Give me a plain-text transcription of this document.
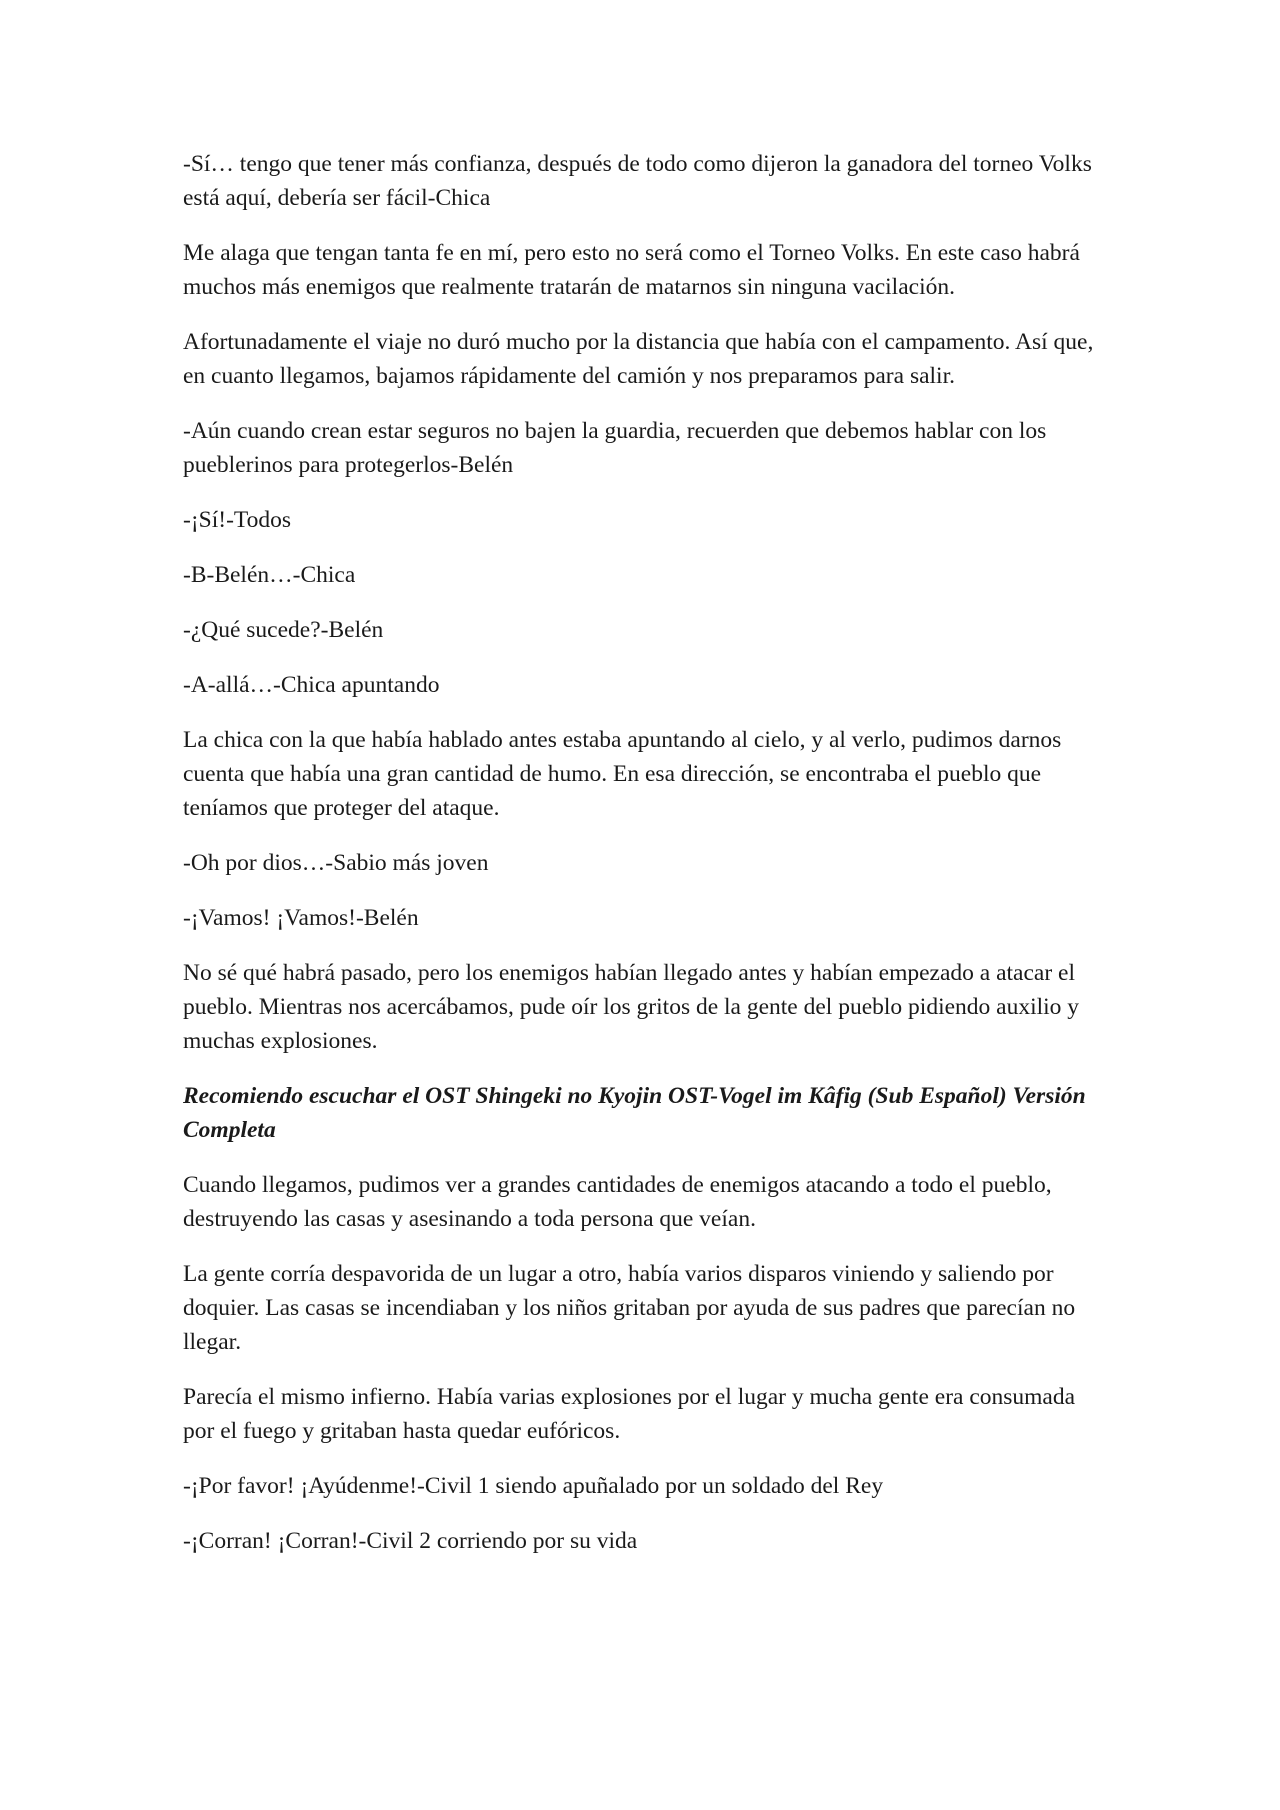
-Sí… tengo que tener más confianza, después de todo como dijeron la ganadora del torneo Volks está aquí, debería ser fácil-Chica

Me alaga que tengan tanta fe en mí, pero esto no será como el Torneo Volks. En este caso habrá muchos más enemigos que realmente tratarán de matarnos sin ninguna vacilación.

Afortunadamente el viaje no duró mucho por la distancia que había con el campamento. Así que, en cuanto llegamos, bajamos rápidamente del camión y nos preparamos para salir.

-Aún cuando crean estar seguros no bajen la guardia, recuerden que debemos hablar con los pueblerinos para protegerlos-Belén

-¡Sí!-Todos

-B-Belén…-Chica

-¿Qué sucede?-Belén

-A-allá…-Chica apuntando

La chica con la que había hablado antes estaba apuntando al cielo, y al verlo, pudimos darnos cuenta que había una gran cantidad de humo. En esa dirección, se encontraba el pueblo que teníamos que proteger del ataque.

-Oh por dios…-Sabio más joven

-¡Vamos! ¡Vamos!-Belén

No sé qué habrá pasado, pero los enemigos habían llegado antes y habían empezado a atacar el pueblo. Mientras nos acercábamos, pude oír los gritos de la gente del pueblo pidiendo auxilio y muchas explosiones.

Recomiendo escuchar el OST Shingeki no Kyojin OST-Vogel im Kâfig (Sub Español) Versión Completa

Cuando llegamos, pudimos ver a grandes cantidades de enemigos atacando a todo el pueblo, destruyendo las casas y asesinando a toda persona que veían.

La gente corría despavorida de un lugar a otro, había varios disparos viniendo y saliendo por doquier. Las casas se incendiaban y los niños gritaban por ayuda de sus padres que parecían no llegar.

Parecía el mismo infierno. Había varias explosiones por el lugar y mucha gente era consumada por el fuego y gritaban hasta quedar eufóricos.

-¡Por favor! ¡Ayúdenme!-Civil 1 siendo apuñalado por un soldado del Rey

-¡Corran! ¡Corran!-Civil 2 corriendo por su vida
